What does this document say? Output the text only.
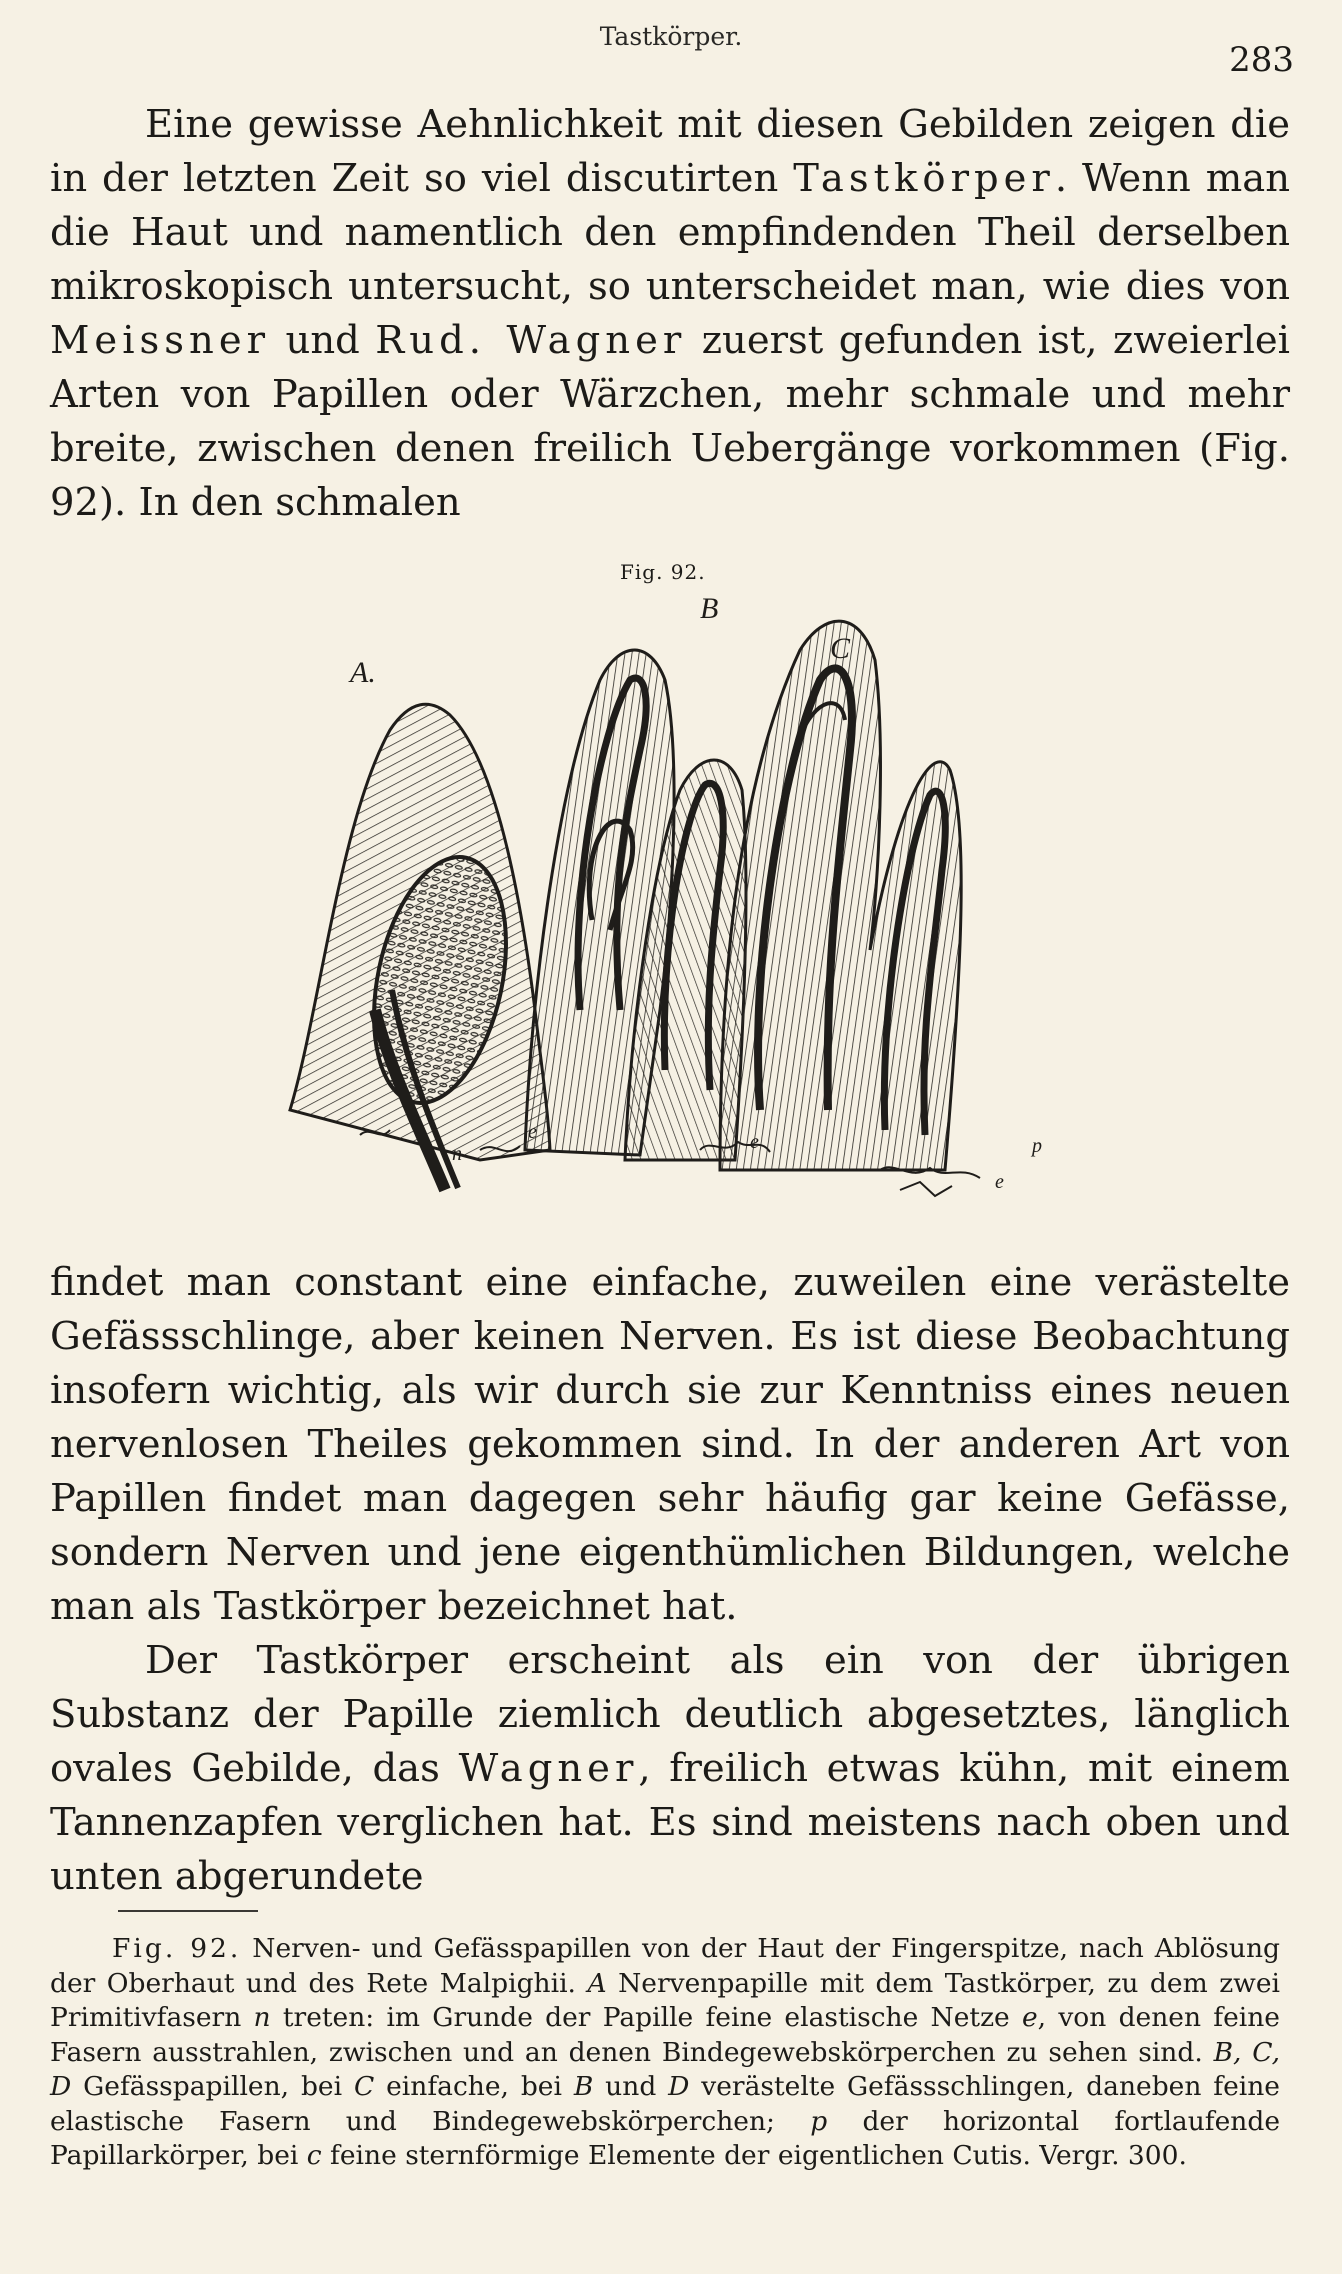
Tastkörper.
283

Eine gewisse Aehnlichkeit mit diesen Gebilden zeigen die in der letzten Zeit so viel discutirten Tastkörper. Wenn man die Haut und namentlich den empfindenden Theil derselben mikroskopisch untersucht, so unterscheidet man, wie dies von Meissner und Rud. Wagner zuerst gefunden ist, zweierlei Arten von Papillen oder Wärzchen, mehr schmale und mehr breite, zwischen denen freilich Uebergänge vorkommen (Fig. 92). In den schmalen

Fig. 92.
A.
B
C
e
e	e
n	p
e

findet man constant eine einfache, zuweilen eine verästelte Gefässschlinge, aber keinen Nerven. Es ist diese Beobachtung insofern wichtig, als wir durch sie zur Kenntniss eines neuen nervenlosen Theiles gekommen sind. In der anderen Art von Papillen findet man dagegen sehr häufig gar keine Gefässe, sondern Nerven und jene eigenthümlichen Bildungen, welche man als Tastkörper bezeichnet hat.

Der Tastkörper erscheint als ein von der übrigen Substanz der Papille ziemlich deutlich abgesetztes, länglich ovales Gebilde, das Wagner, freilich etwas kühn, mit einem Tannenzapfen verglichen hat. Es sind meistens nach oben und unten abgerundete

Fig. 92. Nerven- und Gefässpapillen von der Haut der Fingerspitze, nach Ablösung der Oberhaut und des Rete Malpighii. A Nervenpapille mit dem Tastkörper, zu dem zwei Primitivfasern n treten: im Grunde der Papille feine elastische Netze e, von denen feine Fasern ausstrahlen, zwischen und an denen Bindegewebskörperchen zu sehen sind. B, C, D Gefässpapillen, bei C einfache, bei B und D verästelte Gefässschlingen, daneben feine elastische Fasern und Bindegewebskörperchen; p der horizontal fortlaufende Papillarkörper, bei c feine sternförmige Elemente der eigentlichen Cutis. Vergr. 300.
